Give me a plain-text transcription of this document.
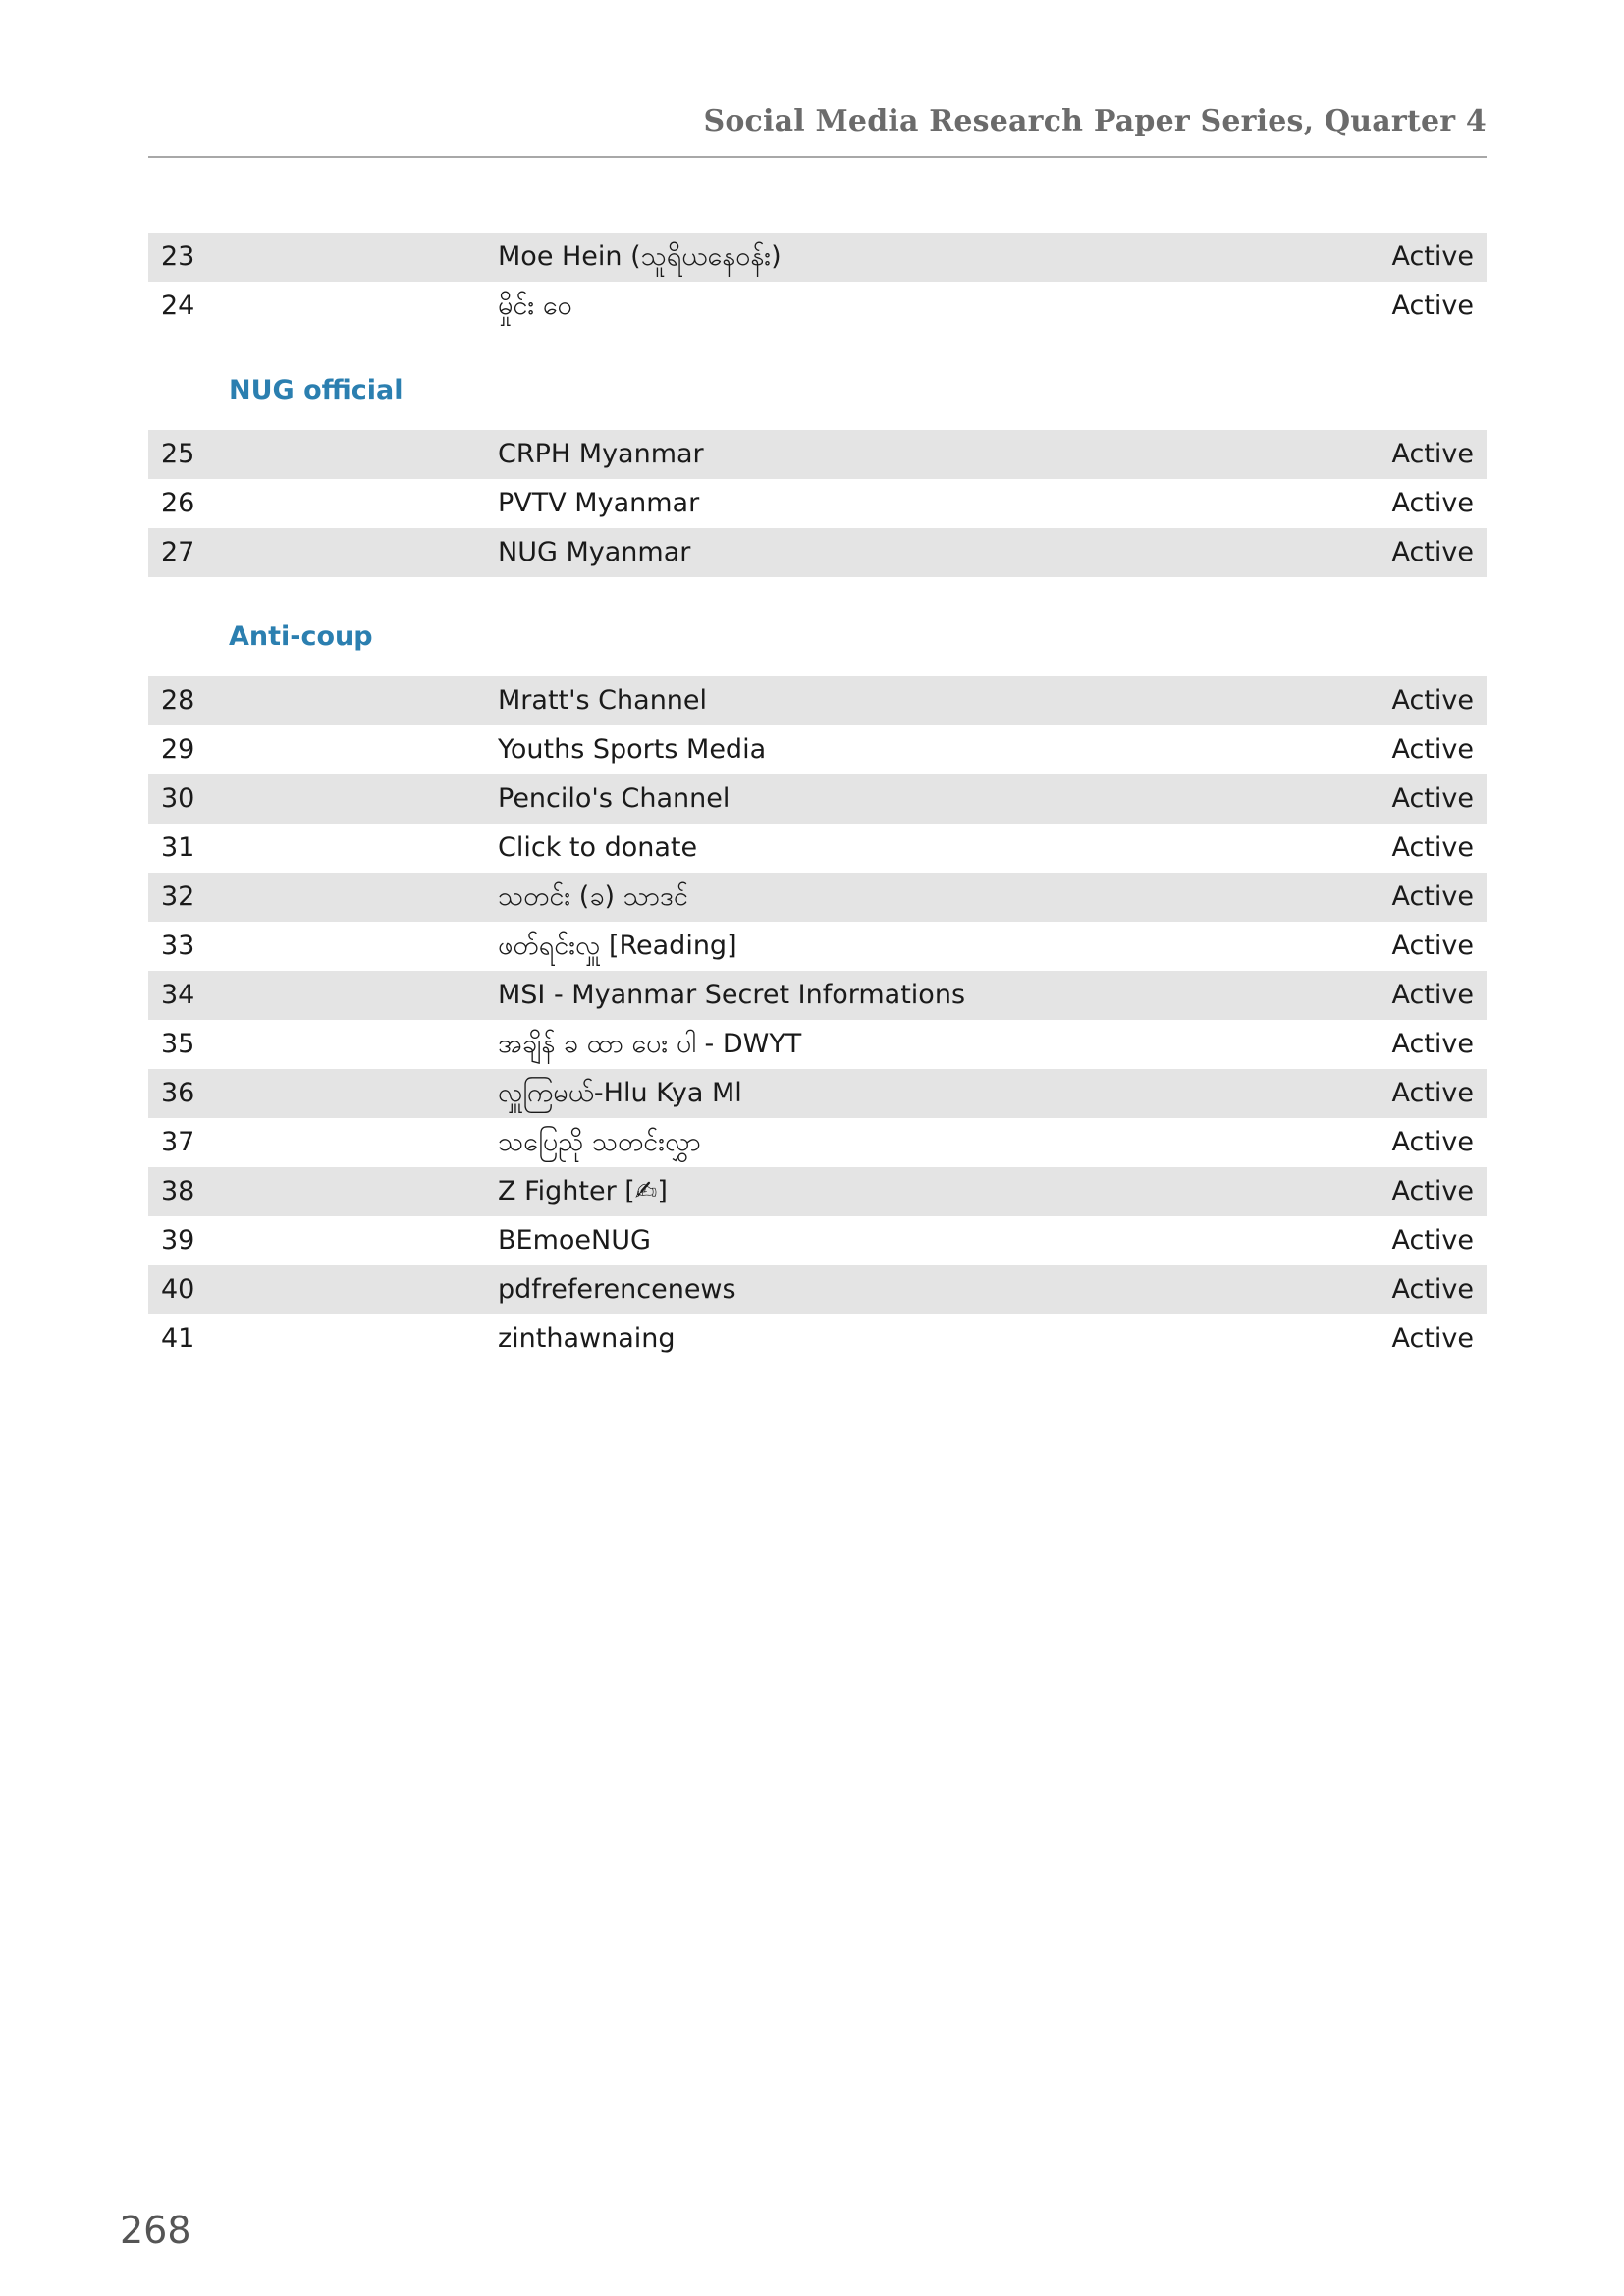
Social Media Research Paper Series, Quarter 4
23	Moe Hein (သူရိယနေဝန်း)	Active
24	မှိုင်း ဝေ	Active
NUG official
25	CRPH Myanmar	Active
26	PVTV Myanmar	Active
27	NUG Myanmar	Active
Anti-coup
28	Mratt's Channel	Active
29	Youths Sports Media	Active
30	Pencilo's Channel	Active
31	Click to donate	Active
32	သတင်း (ခ) သာဒင်	Active
33	ဖတ်ရင်းလှူ [Reading]	Active
34	MSI - Myanmar Secret Informations	Active
35	အချိန် ခ ထာ ပေး ပါ - DWYT	Active
36	လှူကြမယ်-Hlu Kya Ml	Active
37	သပြေညို သတင်းလွှာ	Active
38	Z Fighter [✍]	Active
39	BEmoeNUG	Active
40	pdfreferencenews	Active
41	zinthawnaing	Active
268
